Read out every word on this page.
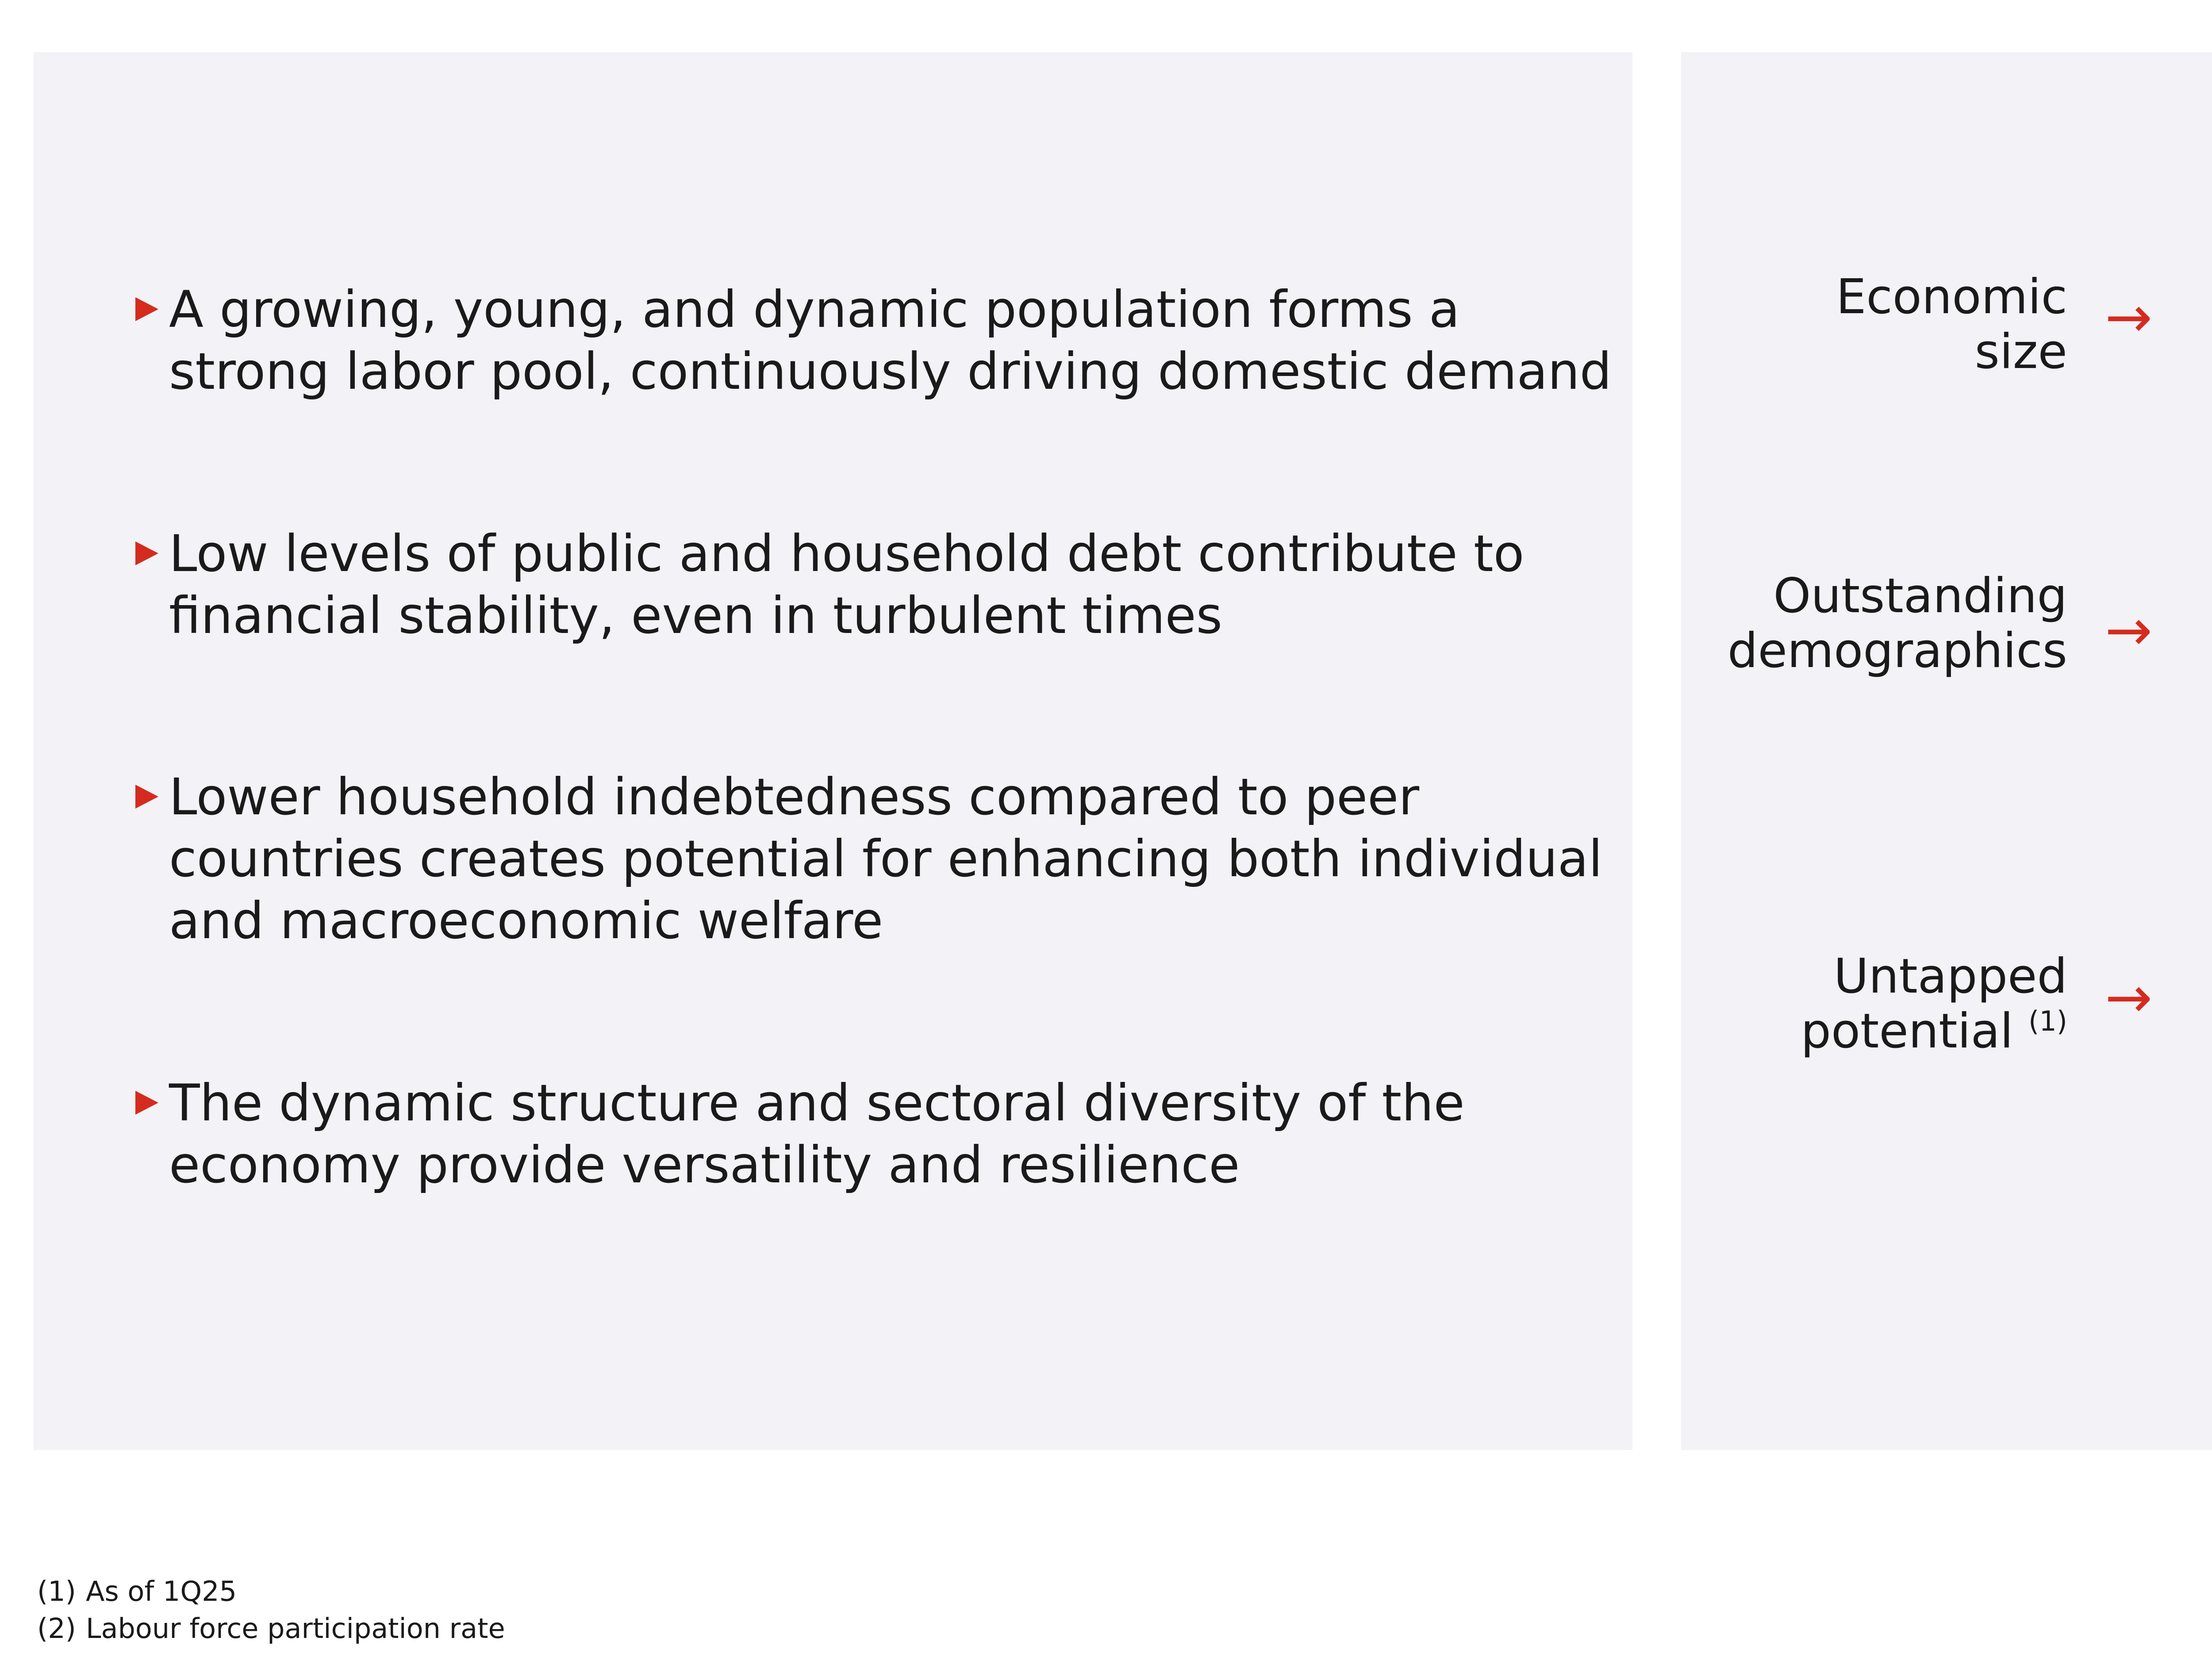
A growing, young, and dynamic population forms a strong labor pool, continuously driving domestic demand
Low levels of public and household debt contribute to financial stability, even in turbulent times
Lower household indebtedness compared to peer countries creates potential for enhancing both individual and macroeconomic welfare
The dynamic structure and sectoral diversity of the economy provide versatility and resilience
Economic
size
→
Outstanding
demographics →

Untapped
potential $^{(1)}$ →

(1) As of 1Q25
(2) Labour force participation rate
